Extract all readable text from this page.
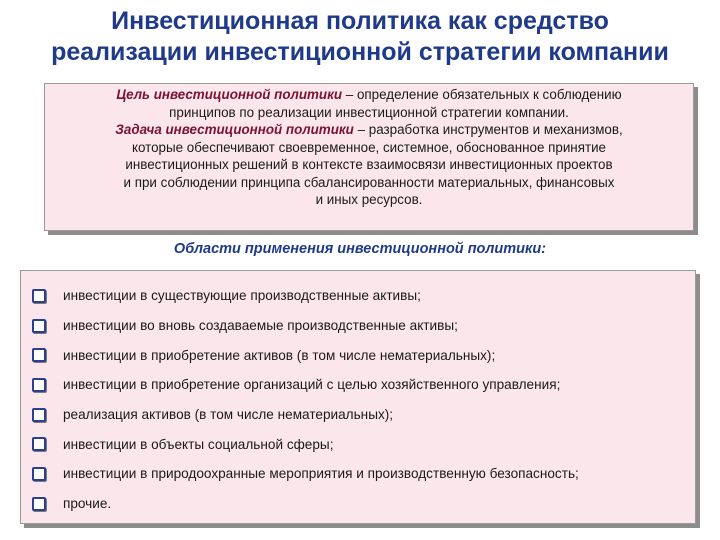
Инвестиционная политика как средство
реализации инвестиционной стратегии компании
Цель инвестиционной политики – определение обязательных к соблюдению
принципов по реализации инвестиционной стратегии компании.
Задача инвестиционной политики – разработка инструментов и механизмов,
которые обеспечивают своевременное, системное, обоснованное принятие
инвестиционных решений в контексте взаимосвязи инвестиционных проектов
и при соблюдении принципа сбалансированности материальных, финансовых
и иных ресурсов.
Области применения инвестиционной политики:
инвестиции в существующие производственные активы;
инвестиции во вновь создаваемые производственные активы;
инвестиции в приобретение активов (в том числе нематериальных);
инвестиции в приобретение организаций с целью хозяйственного управления;
реализация активов (в том числе нематериальных);
инвестиции в объекты социальной сферы;
инвестиции в природоохранные мероприятия и производственную безопасность;
прочие.
